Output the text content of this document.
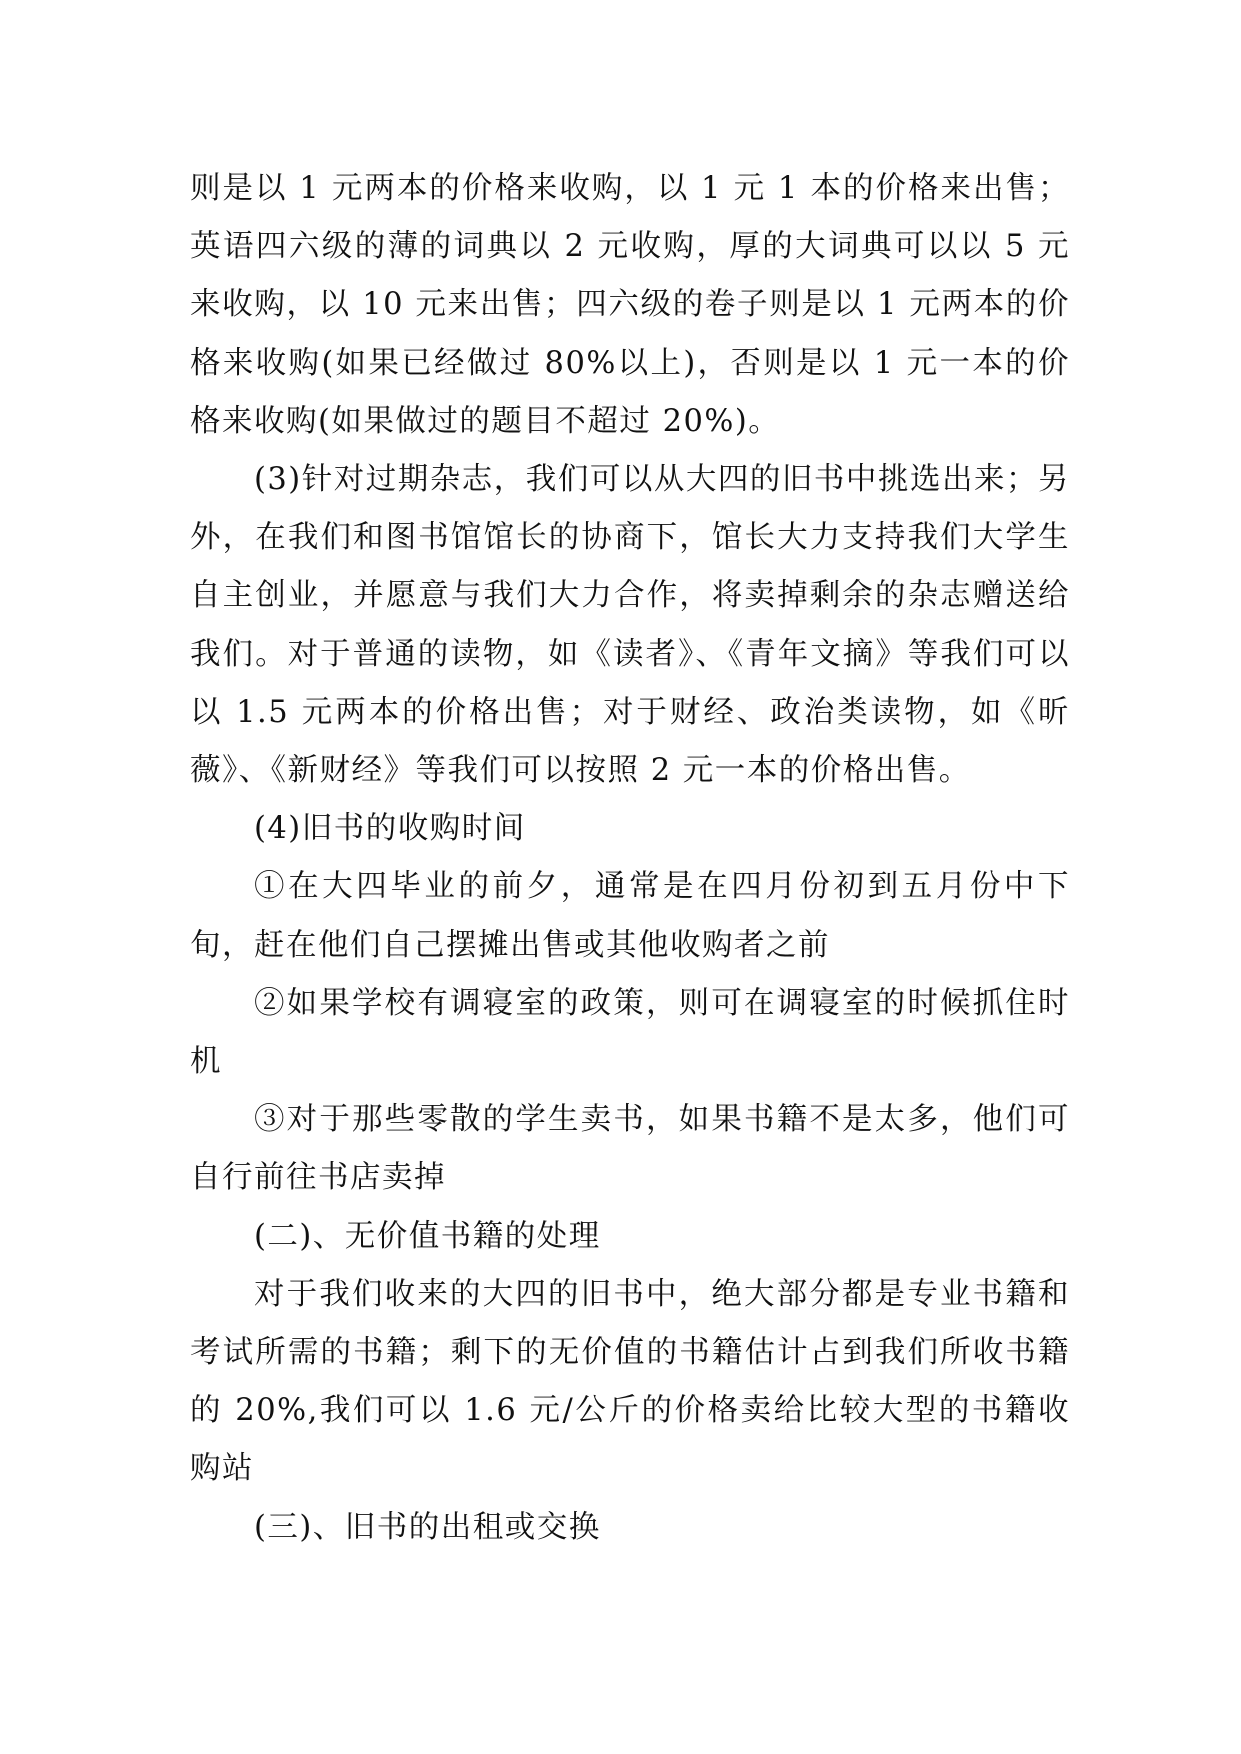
则是以 1 元两本的价格来收购，以 1 元 1 本的价格来出售；英语四六级的薄的词典以 2 元收购，厚的大词典可以以 5 元来收购，以 10 元来出售；四六级的卷子则是以 1 元两本的价格来收购(如果已经做过 80%以上)，否则是以 1 元一本的价格来收购(如果做过的题目不超过 20%)。

(3)针对过期杂志，我们可以从大四的旧书中挑选出来；另外，在我们和图书馆馆长的协商下，馆长大力支持我们大学生自主创业，并愿意与我们大力合作，将卖掉剩余的杂志赠送给我们。对于普通的读物，如《读者》、《青年文摘》等我们可以以 1.5 元两本的价格出售；对于财经、政治类读物，如《昕薇》、《新财经》等我们可以按照 2 元一本的价格出售。

(4)旧书的收购时间

①在大四毕业的前夕，通常是在四月份初到五月份中下旬，赶在他们自己摆摊出售或其他收购者之前

②如果学校有调寝室的政策，则可在调寝室的时候抓住时机

③对于那些零散的学生卖书，如果书籍不是太多，他们可自行前往书店卖掉

(二)、无价值书籍的处理

对于我们收来的大四的旧书中，绝大部分都是专业书籍和考试所需的书籍；剩下的无价值的书籍估计占到我们所收书籍的 20%,我们可以 1.6 元/公斤的价格卖给比较大型的书籍收购站

(三)、旧书的出租或交换
